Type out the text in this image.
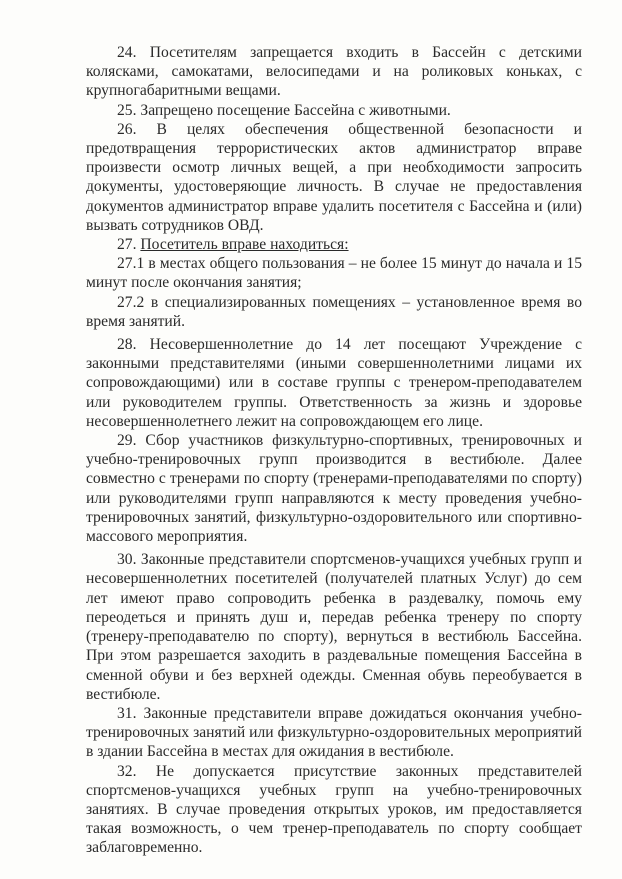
24. Посетителям запрещается входить в Бассейн с детскими колясками, самокатами, велосипедами и на роликовых коньках, с крупногабаритными вещами.

25. Запрещено посещение Бассейна с животными.

26. В целях обеспечения общественной безопасности и предотвращения террористических актов администратор вправе произвести осмотр личных вещей, а при необходимости запросить документы, удостоверяющие личность. В случае не предоставления документов администратор вправе удалить посетителя с Бассейна и (или) вызвать сотрудников ОВД.

27. Посетитель вправе находиться:

27.1 в местах общего пользования – не более 15 минут до начала и 15 минут после окончания занятия;

27.2 в специализированных помещениях – установленное время во время занятий.

28. Несовершеннолетние до 14 лет посещают Учреждение с законными представителями (иными совершеннолетними лицами их сопровождающими) или в составе группы с тренером-преподавателем или руководителем группы. Ответственность за жизнь и здоровье несовершеннолетнего лежит на сопровождающем его лице.

29. Сбор участников физкультурно-спортивных, тренировочных и учебно-тренировочных групп производится в вестибюле. Далее совместно с тренерами по спорту (тренерами-преподавателями по спорту) или руководителями групп направляются к месту проведения учебно-тренировочных занятий, физкультурно-оздоровительного или спортивно-массового мероприятия.

30. Законные представители спортсменов-учащихся учебных групп и несовершеннолетних посетителей (получателей платных Услуг) до сем лет имеют право сопроводить ребенка в раздевалку, помочь ему переодеться и принять душ и, передав ребенка тренеру по спорту (тренеру-преподавателю по спорту), вернуться в вестибюль Бассейна. При этом разрешается заходить в раздевальные помещения Бассейна в сменной обуви и без верхней одежды. Сменная обувь переобувается в вестибюле.

31. Законные представители вправе дожидаться окончания учебно-тренировочных занятий или физкультурно-оздоровительных мероприятий в здании Бассейна в местах для ожидания в вестибюле.

32. Не допускается присутствие законных представителей спортсменов-учащихся учебных групп на учебно-тренировочных занятиях. В случае проведения открытых уроков, им предоставляется такая возможность, о чем тренер-преподаватель по спорту сообщает заблаговременно.
